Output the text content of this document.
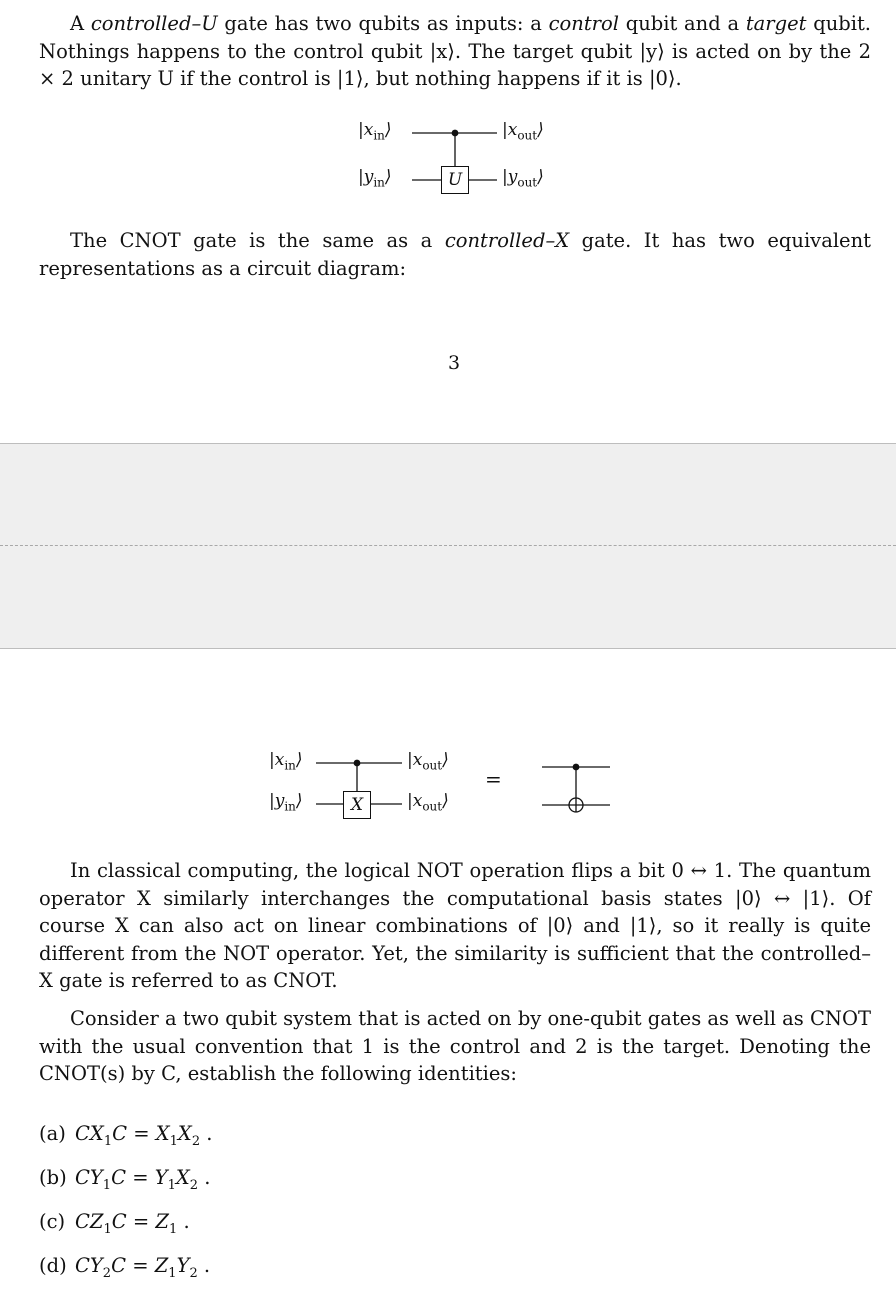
A controlled–U gate has two qubits as inputs: a control qubit and a target qubit. Nothings happens to the control qubit |x⟩. The target qubit |y⟩ is acted on by the 2 × 2 unitary U if the control is |1⟩, but nothing happens if it is |0⟩.

U
$|x_{in}⟩$
$|y_{in}⟩$
$|x_{out}⟩$
$|y_{out}⟩$

The CNOT gate is the same as a controlled–X gate. It has two equivalent representations as a circuit diagram:

3
X
$|x_{in}⟩$
$|y_{in}⟩$
$|x_{out}⟩$
$|x_{out}⟩$
=

In classical computing, the logical NOT operation flips a bit 0 ↔ 1. The quantum operator X similarly interchanges the computational basis states |0⟩ ↔ |1⟩. Of course X can also act on linear combinations of |0⟩ and |1⟩, so it really is quite different from the NOT operator. Yet, the similarity is sufficient that the controlled–X gate is referred to as CNOT.

Consider a two qubit system that is acted on by one-qubit gates as well as CNOT with the usual convention that 1 is the control and 2 is the target. Denoting the CNOT(s) by C, establish the following identities:

(a) $CX_1C = X_1X_2$ .
(b) $CY_1C = Y_1X_2$ .
(c) $CZ_1C = Z_1$ .
(d) $CY_2C = Z_1Y_2$ .
